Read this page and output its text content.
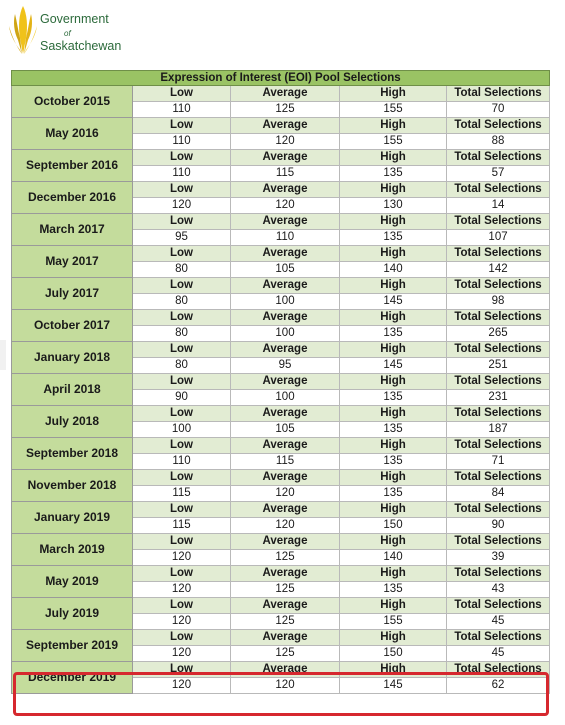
Government
of
Saskatchewan
Expression of Interest (EOI) Pool Selections				
October 2015	Low	Average	High	Total Selections
	110	125	155	70
May 2016	Low	Average	High	Total Selections
	110	120	155	88
September 2016	Low	Average	High	Total Selections
	110	115	135	57
December 2016	Low	Average	High	Total Selections
	120	120	130	14
March 2017	Low	Average	High	Total Selections
	95	110	135	107
May 2017	Low	Average	High	Total Selections
	80	105	140	142
July 2017	Low	Average	High	Total Selections
	80	100	145	98
October 2017	Low	Average	High	Total Selections
	80	100	135	265
January 2018	Low	Average	High	Total Selections
	80	95	145	251
April 2018	Low	Average	High	Total Selections
	90	100	135	231
July 2018	Low	Average	High	Total Selections
	100	105	135	187
September 2018	Low	Average	High	Total Selections
	110	115	135	71
November 2018	Low	Average	High	Total Selections
	115	120	135	84
January 2019	Low	Average	High	Total Selections
	115	120	150	90
March 2019	Low	Average	High	Total Selections
	120	125	140	39
May 2019	Low	Average	High	Total Selections
	120	125	135	43
July 2019	Low	Average	High	Total Selections
	120	125	155	45
September 2019	Low	Average	High	Total Selections
	120	125	150	45
December 2019	Low	Average	High	Total Selections
	120	120	145	62
